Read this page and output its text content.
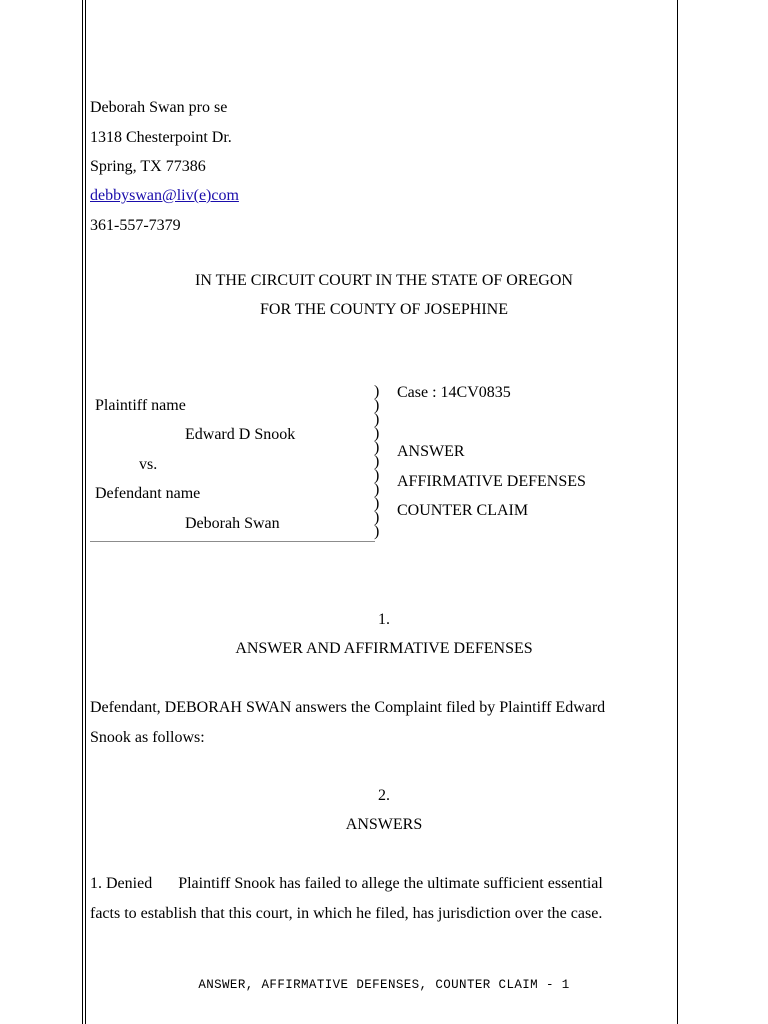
Deborah Swan pro se
1318 Chesterpoint Dr.
Spring, TX 77386
debbyswan@liv(e)com
361-557-7379
IN THE CIRCUIT COURT IN THE STATE OF OREGON
FOR THE COUNTY OF JOSEPHINE
Plaintiff name
Edward D Snook
vs.
Defendant name
Deborah Swan
)
)
)
)
)
)
)
)
)
)
)
Case : 14CV0835
ANSWER
AFFIRMATIVE DEFENSES
COUNTER CLAIM
1.
ANSWER AND AFFIRMATIVE DEFENSES
Defendant, DEBORAH SWAN answers the Complaint filed by Plaintiff Edward
Snook as follows:
2.
ANSWERS
1. Denied Plaintiff Snook has failed to allege the ultimate sufficient essential
facts to establish that this court, in which he filed, has jurisdiction over the case.
ANSWER, AFFIRMATIVE DEFENSES, COUNTER CLAIM - 1
